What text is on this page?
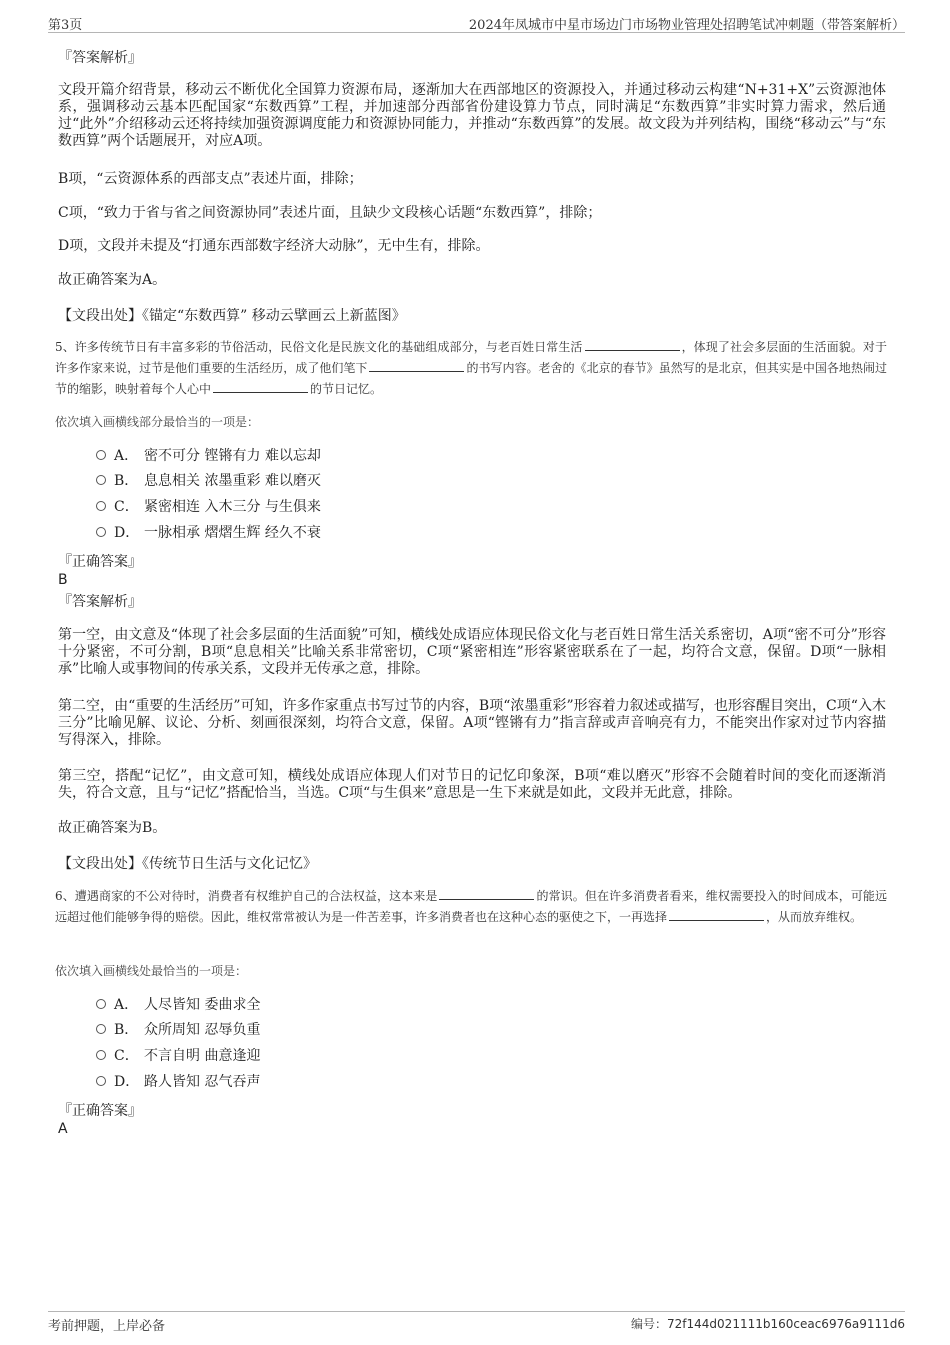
第3页	2024年凤城市中星市场边门市场物业管理处招聘笔试冲刺题（带答案解析）
『答案解析』
文段开篇介绍背景，移动云不断优化全国算力资源布局，逐渐加大在西部地区的资源投入，并通过移动云构建“N+31+X”云资源池体系，强调移动云基本匹配国家“东数西算”工程，并加速部分西部省份建设算力节点，同时满足“东数西算”非实时算力需求，然后通过“此外”介绍移动云还将持续加强资源调度能力和资源协同能力，并推动“东数西算”的发展。故文段为并列结构，围绕“移动云”与“东数西算”两个话题展开，对应A项。
B项，“云资源体系的西部支点”表述片面，排除；
C项，“致力于省与省之间资源协同”表述片面，且缺少文段核心话题“东数西算”，排除；
D项，文段并未提及“打通东西部数字经济大动脉”，无中生有，排除。
故正确答案为A。
【文段出处】《锚定“东数西算” 移动云擘画云上新蓝图》
5、许多传统节日有丰富多彩的节俗活动，民俗文化是民族文化的基础组成部分，与老百姓日常生活	，体现了社会多层面的生活面貌。对于许多作家来说，过节是他们重要的生活经历，成了他们笔下	的书写内容。老舍的《北京的春节》虽然写的是北京，但其实是中国各地热闹过节的缩影，映射着每个人心中	的节日记忆。
依次填入画横线部分最恰当的一项是：
A． 密不可分 铿锵有力 难以忘却
B． 息息相关 浓墨重彩 难以磨灭
C． 紧密相连 入木三分 与生俱来
D． 一脉相承 熠熠生辉 经久不衰
『正确答案』
B
『答案解析』
第一空，由文意及“体现了社会多层面的生活面貌”可知，横线处成语应体现民俗文化与老百姓日常生活关系密切，A项“密不可分”形容十分紧密，不可分割，B项“息息相关”比喻关系非常密切，C项“紧密相连”形容紧密联系在了一起，均符合文意，保留。D项“一脉相承”比喻人或事物间的传承关系，文段并无传承之意，排除。
第二空，由“重要的生活经历”可知，许多作家重点书写过节的内容，B项“浓墨重彩”形容着力叙述或描写，也形容醒目突出，C项“入木三分”比喻见解、议论、分析、刻画很深刻，均符合文意，保留。A项“铿锵有力”指言辞或声音响亮有力，不能突出作家对过节内容描写得深入，排除。
第三空，搭配“记忆”，由文意可知，横线处成语应体现人们对节日的记忆印象深，B项“难以磨灭”形容不会随着时间的变化而逐渐消失，符合文意，且与“记忆”搭配恰当，当选。C项“与生俱来”意思是一生下来就是如此，文段并无此意，排除。
故正确答案为B。
【文段出处】《传统节日生活与文化记忆》
6、遭遇商家的不公对待时，消费者有权维护自己的合法权益，这本来是	的常识。但在许多消费者看来，维权需要投入的时间成本，可能远远超过他们能够争得的赔偿。因此，维权常常被认为是一件苦差事，许多消费者也在这种心态的驱使之下，一再选择	，从而放弃维权。
依次填入画横线处最恰当的一项是：
A． 人尽皆知 委曲求全
B． 众所周知 忍辱负重
C． 不言自明 曲意逢迎
D． 路人皆知 忍气吞声
『正确答案』
A
考前押题，上岸必备	编号：72f144d021111b160ceac6976a9111d6
